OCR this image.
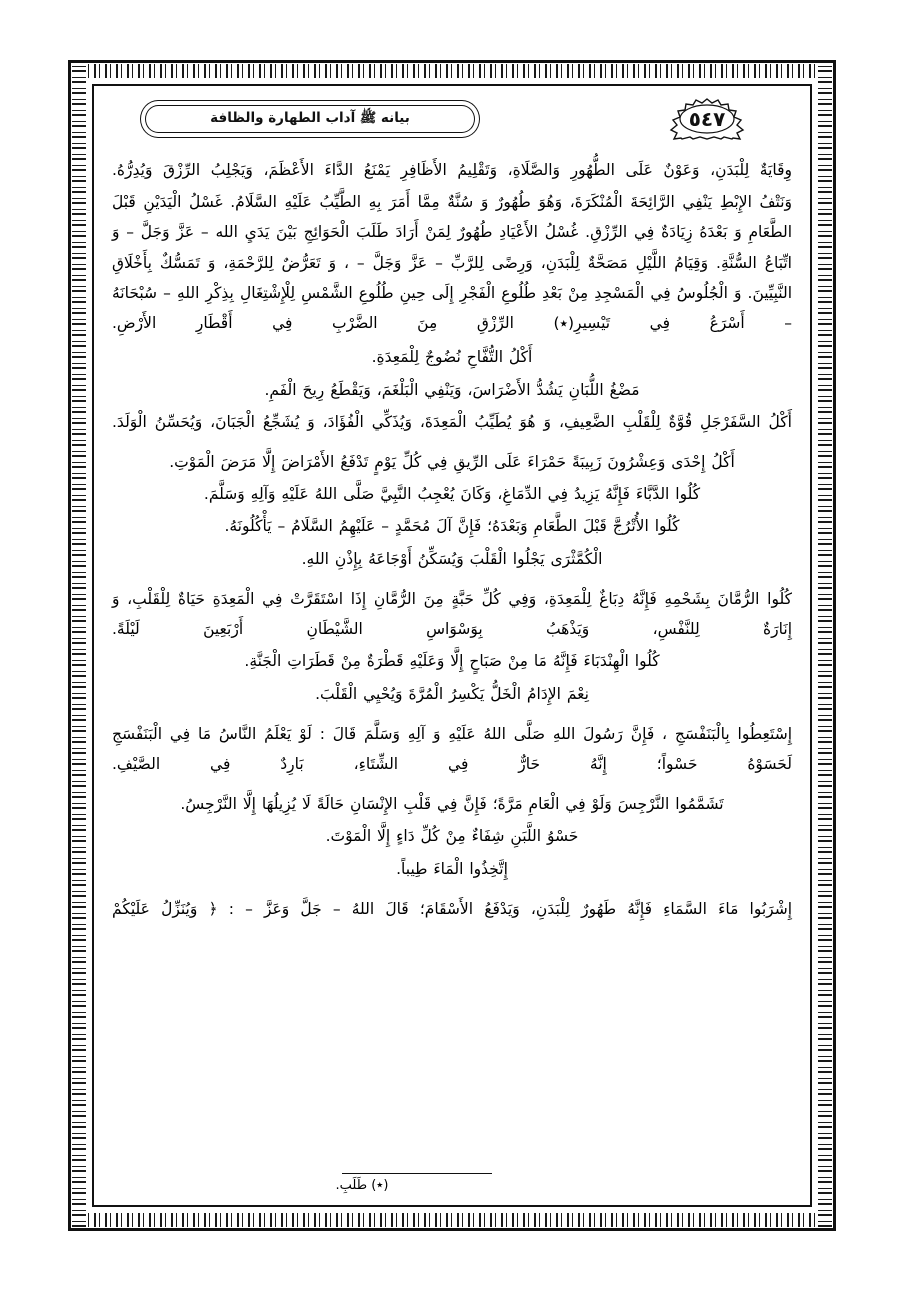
٥٤٧
بيانه ﷺ آداب الطهارة والظافة

وِقَايَةٌ لِلْبَدَنِ، وَعَوْنٌ عَلَى الطُّهُورِ وَالصَّلَاةِ، وَتَقْلِيمُ الأَظَافِرِ يَمْنَعُ الدَّاءَ الأَعْظَمَ، وَيَجْلِبُ الرِّزْقَ وَيُدِرُّهُ.

وَنَتْفُ الإِبْطِ يَنْفِي الرَّائِحَةَ الْمُنْكَرَةَ، وَهُوَ طُهُورٌ وَ سُنَّةٌ مِمَّا أَمَرَ بِهِ الطَّيِّبُ عَلَيْهِ السَّلَامُ. غَسْلُ الْيَدَيْنِ قَبْلَ الطَّعَامِ وَ بَعْدَهُ زِيَادَةٌ فِي الرِّزْقِ. غُسْلُ الأَعْيَادِ طُهُورٌ لِمَنْ أَرَادَ طَلَبَ الْحَوَائِجِ بَيْنَ يَدَيِ الله – عَزَّ وَجَلَّ – وَ اتِّبَاعُ السُّنَّةِ. وَقِيَامُ اللَّيْلِ مَصَحَّةٌ لِلْبَدَنِ، وَرِضًى لِلرَّبِّ – عَزَّ وَجَلَّ – ، وَ تَعَرُّضٌ لِلرَّحْمَةِ، وَ تَمَسُّكٌ بِأَخْلَاقِ النَّبِيِّينَ. وَ الْجُلُوسُ فِي الْمَسْجِدِ مِنْ بَعْدِ طُلُوعِ الْفَجْرِ إِلَى حِينِ طُلُوعِ الشَّمْسِ لِلْإِشْتِغَالِ بِذِكْرِ اللهِ – سُبْحَانَهُ – أَسْرَعُ فِي تَيْسِيرِ(٭) الرِّزْقِ مِنَ الضَّرْبِ فِي أَقْطَارِ الأَرْضِ.

أَكْلُ التُّفَّاحِ نُضُوجٌ لِلْمَعِدَةِ.

مَضْغُ اللُّبَانِ يَشُدُّ الأَضْرَاسَ، وَيَنْفِي الْبَلْغَمَ، وَيَقْطَعُ رِيحَ الْفَمِ.

أَكْلُ السَّفَرْجَلِ قُوَّةٌ لِلْقَلْبِ الضَّعِيفِ، وَ هُوَ يُطَيِّبُ الْمَعِدَةَ، وَيُذَكِّي الْفُؤَادَ، وَ يُشَجِّعُ الْجَبَانَ، وَيُحَسِّنُ الْوَلَدَ.

أَكْلُ إِحْدَى وَعِشْرُونَ زَبِيبَةً حَمْرَاءَ عَلَى الرِّيقِ فِي كُلِّ يَوْمٍ تَدْفَعُ الأَمْرَاضَ إِلَّا مَرَضَ الْمَوْتِ.

كُلُوا الدَّبَّاءَ فَإِنَّهُ يَزِيدُ فِي الدِّمَاغِ، وَكَانَ يُعْجِبُ النَّبِيَّ صَلَّى اللهُ عَلَيْهِ وَآلِهِ وَسَلَّمَ.

كُلُوا الأُتْرُجَّ قَبْلَ الطَّعَامِ وَبَعْدَهُ؛ فَإِنَّ آلَ مُحَمَّدٍ – عَلَيْهِمُ السَّلَامُ – يَأْكُلُونَهُ.

الْكُمَّثْرَى يَجْلُوا الْقَلْبَ وَيُسَكِّنُ أَوْجَاعَهُ بِإِذْنِ اللهِ.

كُلُوا الرُّمَّانَ بِشَحْمِهِ فَإِنَّهُ دِبَاغٌ لِلْمَعِدَةِ، وَفِي كُلِّ حَبَّةٍ مِنَ الرُّمَّانِ إِذَا اسْتَقَرَّتْ فِي الْمَعِدَةِ حَيَاةٌ لِلْقَلْبِ، وَ إِنَارَةٌ لِلنَّفْسِ، وَيَذْهَبُ بِوَسْوَاسِ الشَّيْطَانِ أَرْبَعِينَ لَيْلَةً.

كُلُوا الْهِنْدَبَاءَ فَإِنَّهُ مَا مِنْ صَبَاحٍ إِلَّا وَعَلَيْهِ قَطْرَةٌ مِنْ قَطَرَاتِ الْجَنَّةِ.

نِعْمَ الإِدَامُ الْخَلُّ يَكْسِرُ الْمُرَّةَ وَيُحْيِي الْقَلْبَ.

إِسْتَعِطُوا بِالْبَنَفْسَجِ ، فَإِنَّ رَسُولَ اللهِ صَلَّى اللهُ عَلَيْهِ وَ آلِهِ وَسَلَّمَ قَالَ : لَوْ يَعْلَمُ النَّاسُ مَا فِي الْبَنَفْسَجِ لَحَسَوْهُ حَسْواً؛ إِنَّهُ حَارٌّ فِي الشِّتَاءِ، بَارِدٌ فِي الصَّيْفِ.

تَشَمَّمُوا النَّرْجِسَ وَلَوْ فِي الْعَامِ مَرَّةً؛ فَإِنَّ فِي قَلْبِ الإِنْسَانِ حَالَةً لَا يُزِيلُهَا إِلَّا النَّرْجِسُ.

حَسْوُ اللَّبَنِ شِفَاءٌ مِنْ كُلِّ دَاءٍ إِلَّا الْمَوْتَ.

إِتَّخِذُوا الْمَاءَ طِيباً.

إِشْرَبُوا مَاءَ السَّمَاءِ فَإِنَّهُ طَهُورٌ لِلْبَدَنِ، وَيَدْفَعُ الأَسْقَامَ؛ قَالَ اللهُ – جَلَّ وَعَزَّ – : ﴿ وَيُنَزِّلُ عَلَيْكُمْ

(٭) طَلَبِ.
